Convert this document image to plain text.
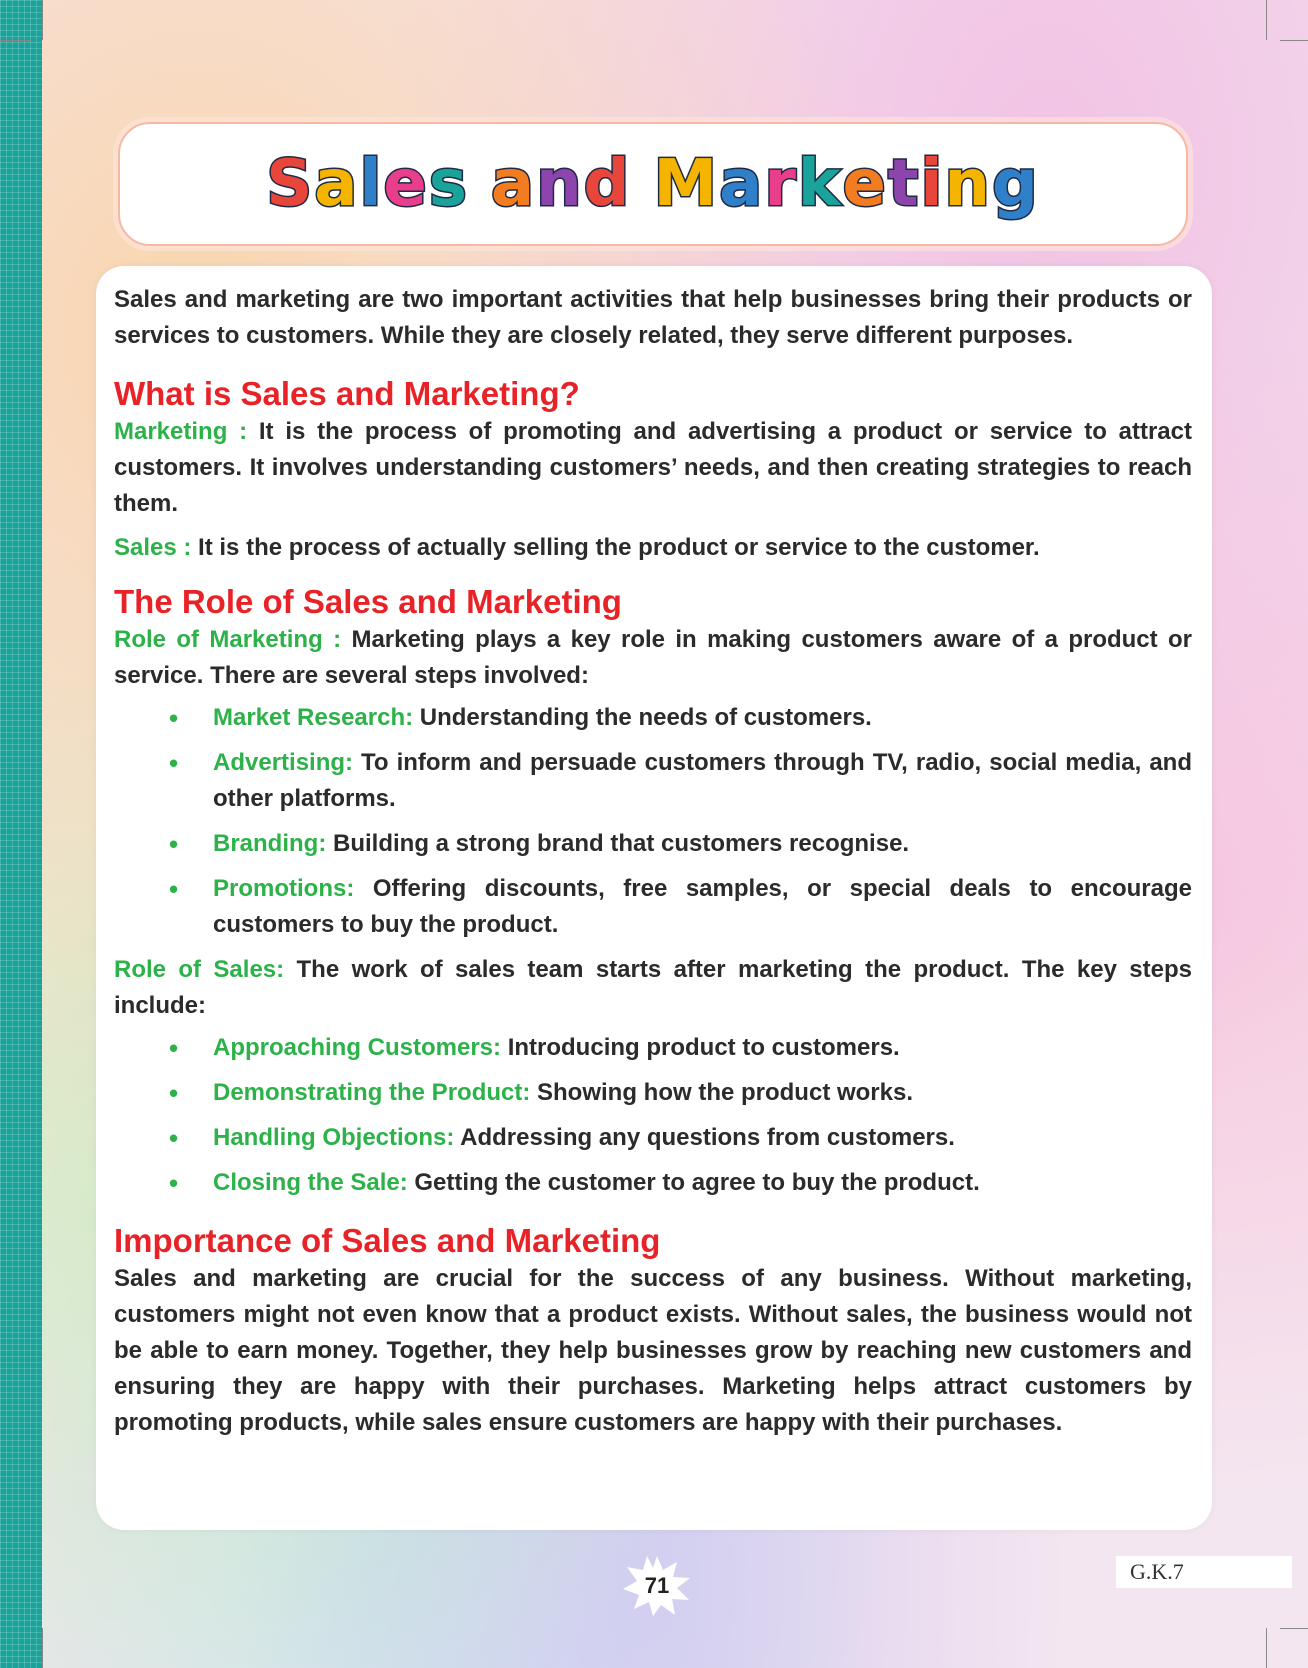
Sales and Marketing

Sales and marketing are two important activities that help businesses bring their products or services to customers. While they are closely related, they serve different purposes.

What is Sales and Marketing?

Marketing : It is the process of promoting and advertising a product or service to attract customers. It involves understanding customers’ needs, and then creating strategies to reach them.

Sales : It is the process of actually selling the product or service to the customer.

The Role of Sales and Marketing

Role of Marketing : Marketing plays a key role in making customers aware of a product or service. There are several steps involved:

• Market Research: Understanding the needs of customers.
• Advertising: To inform and persuade customers through TV, radio, social media, and other platforms.
• Branding: Building a strong brand that customers recognise.
• Promotions: Offering discounts, free samples, or special deals to encourage customers to buy the product.

Role of Sales: The work of sales team starts after marketing the product. The key steps include:

• Approaching Customers: Introducing product to customers.
• Demonstrating the Product: Showing how the product works.
• Handling Objections: Addressing any questions from customers.
• Closing the Sale: Getting the customer to agree to buy the product.
Importance of Sales and Marketing

Sales and marketing are crucial for the success of any business. Without marketing, customers might not even know that a product exists. Without sales, the business would not be able to earn money. Together, they help businesses grow by reaching new customers and ensuring they are happy with their purchases. Marketing helps attract customers by promoting products, while sales ensure customers are happy with their purchases.

71
G.K.7
